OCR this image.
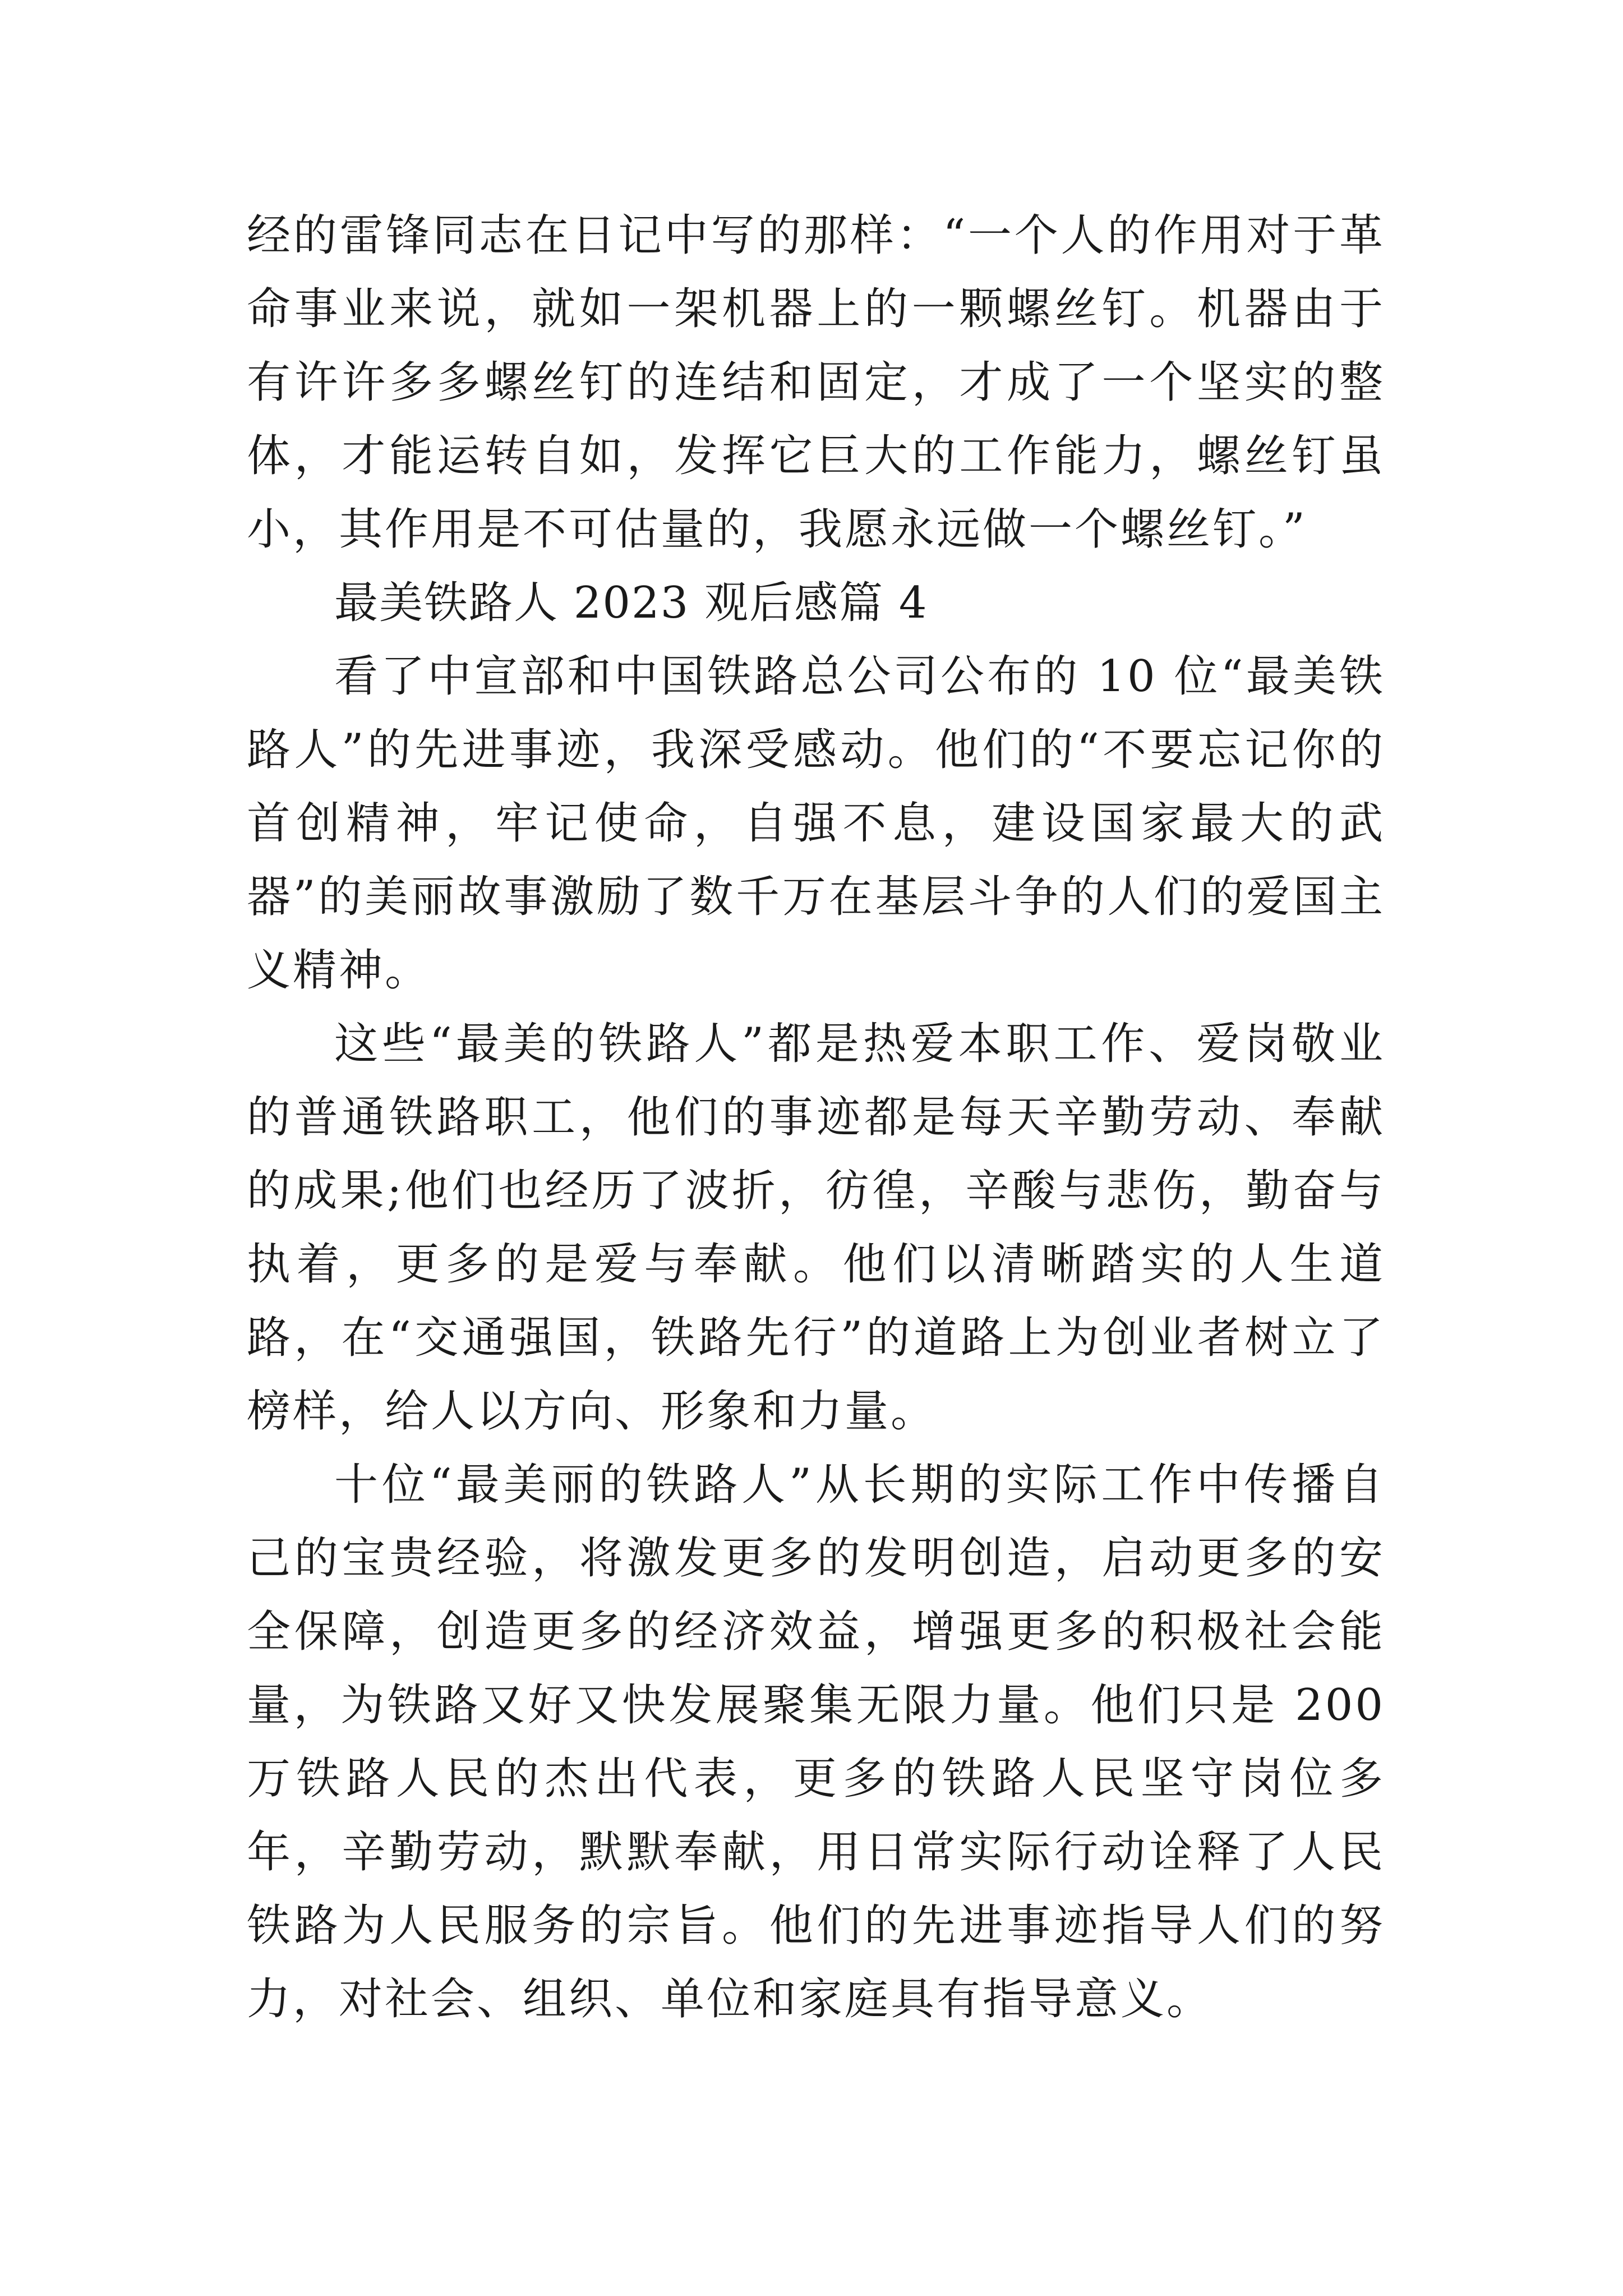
经的雷锋同志在日记中写的那样：“一个人的作用对于革命事业来说，就如一架机器上的一颗螺丝钉。机器由于有许许多多螺丝钉的连结和固定，才成了一个坚实的整体，才能运转自如，发挥它巨大的工作能力，螺丝钉虽小，其作用是不可估量的，我愿永远做一个螺丝钉。”

最美铁路人 2023 观后感篇 4

看了中宣部和中国铁路总公司公布的 10 位“最美铁路人”的先进事迹，我深受感动。他们的“不要忘记你的首创精神，牢记使命，自强不息，建设国家最大的武器”的美丽故事激励了数千万在基层斗争的人们的爱国主义精神。

这些“最美的铁路人”都是热爱本职工作、爱岗敬业的普通铁路职工，他们的事迹都是每天辛勤劳动、奉献的成果;他们也经历了波折，彷徨，辛酸与悲伤，勤奋与执着，更多的是爱与奉献。他们以清晰踏实的人生道路，在“交通强国，铁路先行”的道路上为创业者树立了榜样，给人以方向、形象和力量。

十位“最美丽的铁路人”从长期的实际工作中传播自己的宝贵经验，将激发更多的发明创造，启动更多的安全保障，创造更多的经济效益，增强更多的积极社会能量，为铁路又好又快发展聚集无限力量。他们只是 200 万铁路人民的杰出代表，更多的铁路人民坚守岗位多年，辛勤劳动，默默奉献，用日常实际行动诠释了人民铁路为人民服务的宗旨。他们的先进事迹指导人们的努力，对社会、组织、单位和家庭具有指导意义。
